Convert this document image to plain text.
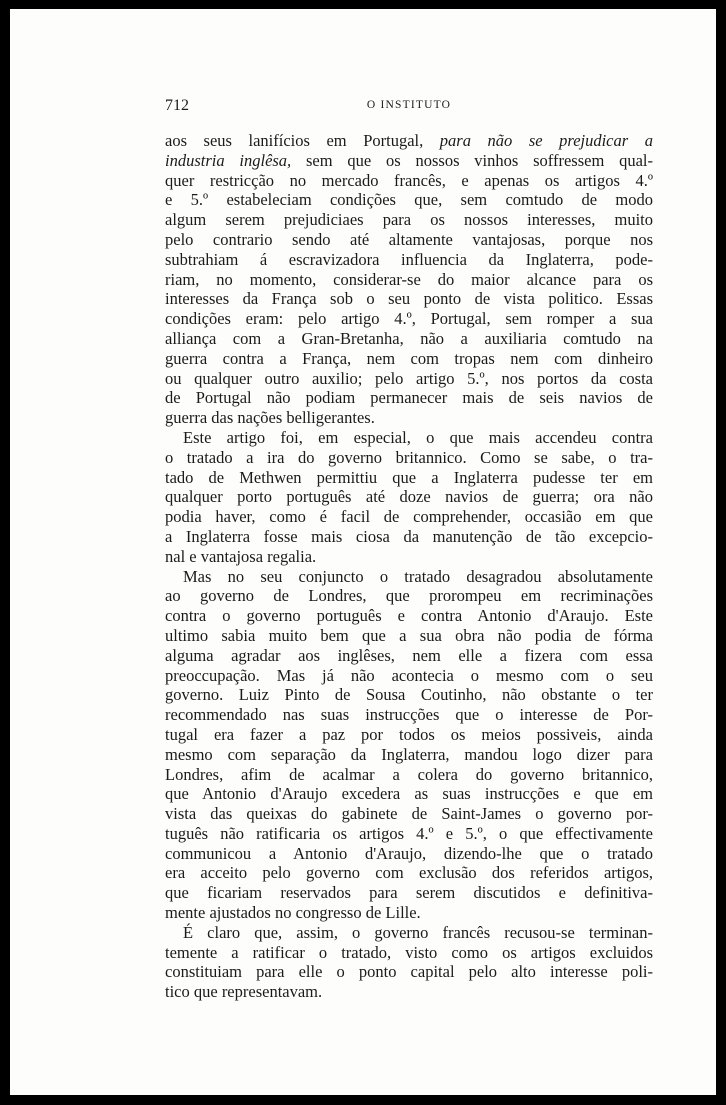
712	O INSTITUTO
aos seus lanifícios em Portugal, para não se prejudicar a
industria inglêsa, sem que os nossos vinhos soffressem qual-
quer restricção no mercado francês, e apenas os artigos 4.º
e 5.º estabeleciam condições que, sem comtudo de modo
algum serem prejudiciaes para os nossos interesses, muito
pelo contrario sendo até altamente vantajosas, porque nos
subtrahiam á escravizadora influencia da Inglaterra, pode-
riam, no momento, considerar-se do maior alcance para os
interesses da França sob o seu ponto de vista politico. Essas
condições eram: pelo artigo 4.º, Portugal, sem romper a sua
alliança com a Gran-Bretanha, não a auxiliaria comtudo na
guerra contra a França, nem com tropas nem com dinheiro
ou qualquer outro auxilio; pelo artigo 5.º, nos portos da costa
de Portugal não podiam permanecer mais de seis navios de
guerra das nações belligerantes.
Este artigo foi, em especial, o que mais accendeu contra
o tratado a ira do governo britannico. Como se sabe, o tra-
tado de Methwen permittiu que a Inglaterra pudesse ter em
qualquer porto português até doze navios de guerra; ora não
podia haver, como é facil de comprehender, occasião em que
a Inglaterra fosse mais ciosa da manutenção de tão excepcio-
nal e vantajosa regalia.
Mas no seu conjuncto o tratado desagradou absolutamente
ao governo de Londres, que prorompeu em recriminações
contra o governo português e contra Antonio d'Araujo. Este
ultimo sabia muito bem que a sua obra não podia de fórma
alguma agradar aos inglêses, nem elle a fizera com essa
preoccupação. Mas já não acontecia o mesmo com o seu
governo. Luiz Pinto de Sousa Coutinho, não obstante o ter
recommendado nas suas instrucções que o interesse de Por-
tugal era fazer a paz por todos os meios possiveis, ainda
mesmo com separação da Inglaterra, mandou logo dizer para
Londres, afim de acalmar a colera do governo britannico,
que Antonio d'Araujo excedera as suas instrucções e que em
vista das queixas do gabinete de Saint-James o governo por-
tuguês não ratificaria os artigos 4.º e 5.º, o que effectivamente
communicou a Antonio d'Araujo, dizendo-lhe que o tratado
era acceito pelo governo com exclusão dos referidos artigos,
que ficariam reservados para serem discutidos e definitiva-
mente ajustados no congresso de Lille.
É claro que, assim, o governo francês recusou-se terminan-
temente a ratificar o tratado, visto como os artigos excluidos
constituiam para elle o ponto capital pelo alto interesse poli-
tico que representavam.
